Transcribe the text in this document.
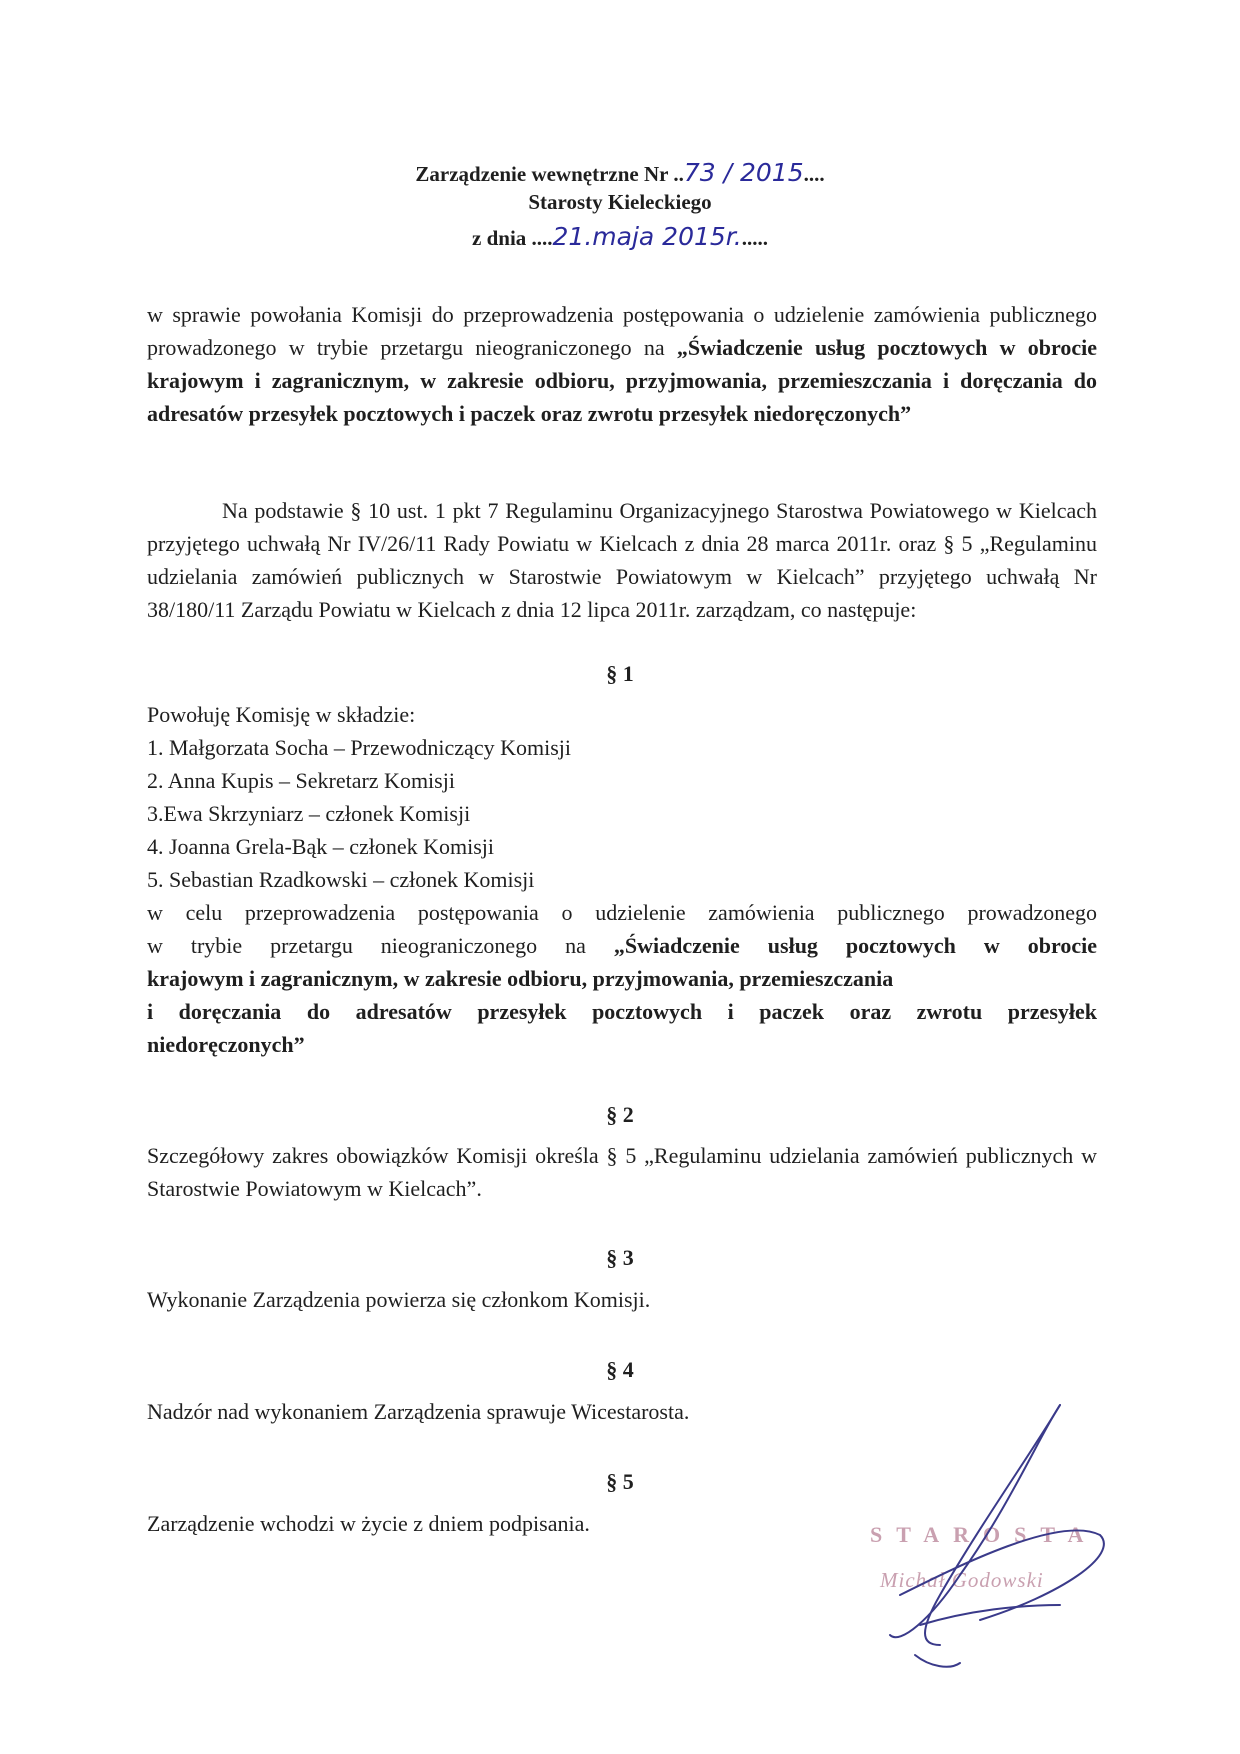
Zarządzenie wewnętrzne Nr ..73 / 2015....
Starosty Kieleckiego
z dnia ....21.maja 2015r......
w sprawie powołania Komisji do przeprowadzenia postępowania o udzielenie zamówienia publicznego prowadzonego w trybie przetargu nieograniczonego na „Świadczenie usług pocztowych w obrocie krajowym i zagranicznym, w zakresie odbioru, przyjmowania, przemieszczania i doręczania do adresatów przesyłek pocztowych i paczek oraz zwrotu przesyłek niedoręczonych”
Na podstawie § 10 ust. 1 pkt 7 Regulaminu Organizacyjnego Starostwa Powiatowego w Kielcach przyjętego uchwałą Nr IV/26/11 Rady Powiatu w Kielcach z dnia 28 marca 2011r. oraz § 5 „Regulaminu udzielania zamówień publicznych w Starostwie Powiatowym w Kielcach” przyjętego uchwałą Nr 38/180/11 Zarządu Powiatu w Kielcach z dnia 12 lipca 2011r. zarządzam, co następuje:
§ 1
Powołuję Komisję w składzie:
1. Małgorzata Socha – Przewodniczący Komisji
2. Anna Kupis – Sekretarz Komisji
3.Ewa Skrzyniarz – członek Komisji
4. Joanna Grela-Bąk – członek Komisji
5. Sebastian Rzadkowski – członek Komisji
w celu przeprowadzenia postępowania o udzielenie zamówienia publicznego prowadzonego
w trybie przetargu nieograniczonego na „Świadczenie usług pocztowych w obrocie
krajowym i zagranicznym, w zakresie odbioru, przyjmowania, przemieszczania
i doręczania do adresatów przesyłek pocztowych i paczek oraz zwrotu przesyłek
niedoręczonych”
§ 2
Szczegółowy zakres obowiązków Komisji określa § 5 „Regulaminu udzielania zamówień publicznych w Starostwie Powiatowym w Kielcach”.
§ 3
Wykonanie Zarządzenia powierza się członkom Komisji.
§ 4
Nadzór nad wykonaniem Zarządzenia sprawuje Wicestarosta.
§ 5
Zarządzenie wchodzi w życie z dniem podpisania.	STAROSTA
Michał Godowski
